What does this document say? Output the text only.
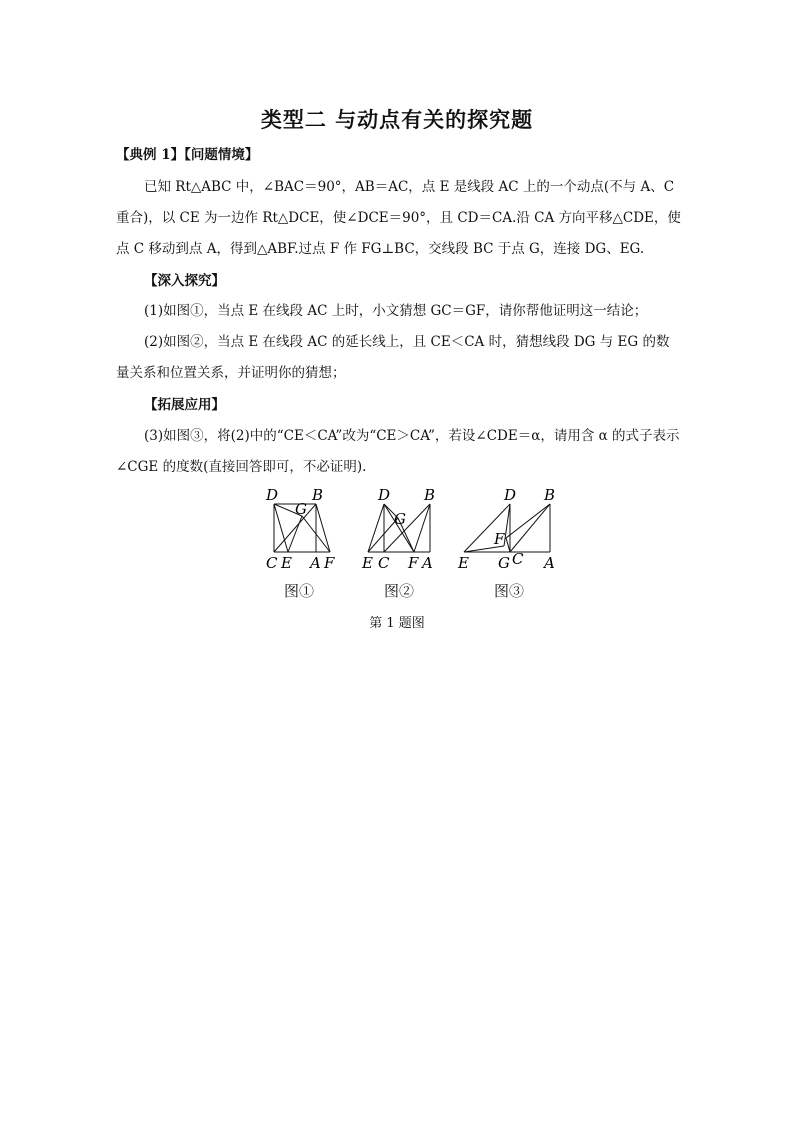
类型二 与动点有关的探究题
【典例 1】【问题情境】
已知 Rt△ABC 中，∠BAC＝90°，AB＝AC，点 E 是线段 AC 上的一个动点(不与 A、C 重合)，以 CE 为一边作 Rt△DCE，使∠DCE＝90°，且 CD＝CA.沿 CA 方向平移△CDE，使点 C 移动到点 A，得到△ABF.过点 F 作 FG⊥BC，交线段 BC 于点 G，连接 DG、EG.
【深入探究】
(1)如图①，当点 E 在线段 AC 上时，小文猜想 GC＝GF，请你帮他证明这一结论；
(2)如图②，当点 E 在线段 AC 的延长线上，且 CE＜CA 时，猜想线段 DG 与 EG 的数量关系和位置关系，并证明你的猜想；
【拓展应用】
(3)如图③，将(2)中的“CE＜CA”改为“CE＞CA”，若设∠CDE＝α，请用含 α 的式子表示∠CGE 的度数(直接回答即可，不必证明).
D B
G
C E A F
D B
G
E C F A
D B
F
E G C A
图①	图②	图③
第 1 题图
